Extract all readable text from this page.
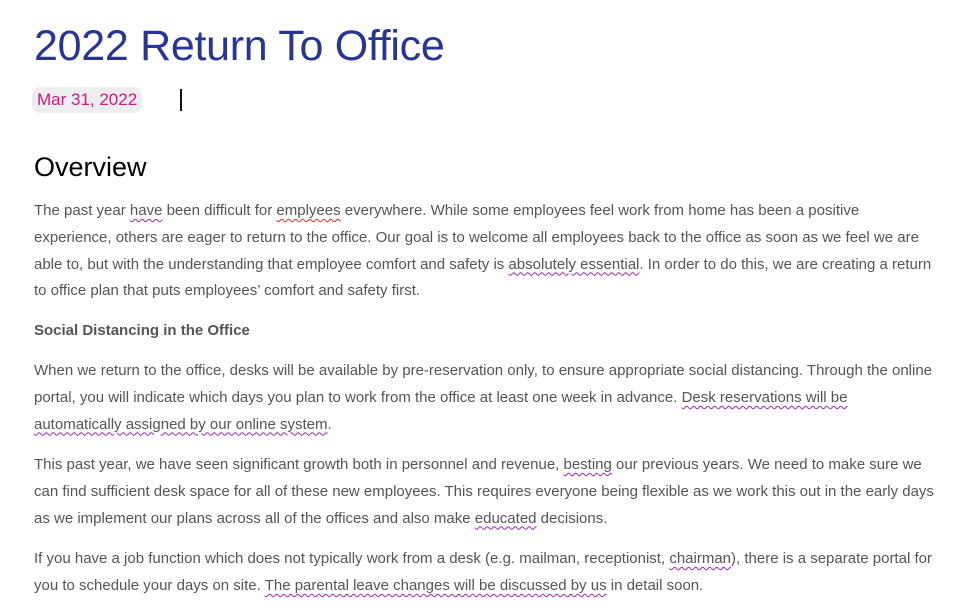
2022 Return To Office
Mar 31, 2022
Overview

The past year have been difficult for emplyees everywhere. While some employees feel work from home has been a positive experience, others are eager to return to the office. Our goal is to welcome all employees back to the office as soon as we feel we are able to, but with the understanding that employee comfort and safety is absolutely essential. In order to do this, we are creating a return to office plan that puts employees’ comfort and safety first.

Social Distancing in the Office

When we return to the office, desks will be available by pre-reservation only, to ensure appropriate social distancing. Through the online portal, you will indicate which days you plan to work from the office at least one week in advance. Desk reservations will be automatically assigned by our online system.

This past year, we have seen significant growth both in personnel and revenue, besting our previous years. We need to make sure we can find sufficient desk space for all of these new employees. This requires everyone being flexible as we work this out in the early days as we implement our plans across all of the offices and also make educated decisions.

If you have a job function which does not typically work from a desk (e.g. mailman, receptionist, chairman), there is a separate portal for you to schedule your days on site. The parental leave changes will be discussed by us in detail soon.
